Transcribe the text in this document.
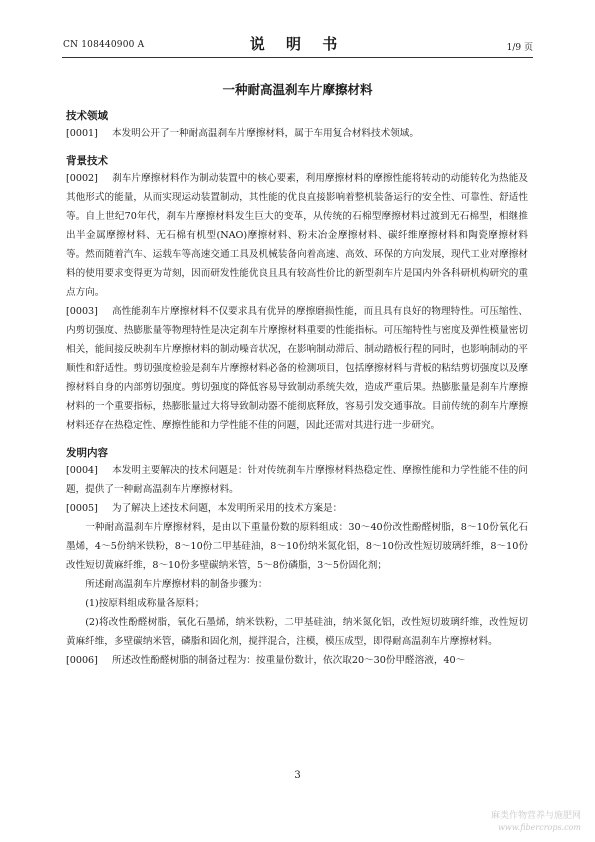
CN 108440900 A	说 明 书	1/9 页
一种耐高温刹车片摩擦材料
技术领域

[0001] 本发明公开了一种耐高温刹车片摩擦材料，属于车用复合材料技术领域。

背景技术

[0002] 刹车片摩擦材料作为制动装置中的核心要素，利用摩擦材料的摩擦性能将转动的动能转化为热能及其他形式的能量，从而实现运动装置制动，其性能的优良直接影响着整机装备运行的安全性、可靠性、舒适性等。自上世纪70年代，刹车片摩擦材料发生巨大的变革，从传统的石棉型摩擦材料过渡到无石棉型，相继推出半金属摩擦材料、无石棉有机型(NAO)摩擦材料、粉末冶金摩擦材料、碳纤维摩擦材料和陶瓷摩擦材料等。然而随着汽车、运载车等高速交通工具及机械装备向着高速、高效、环保的方向发展，现代工业对摩擦材料的使用要求变得更为苛刻，因而研发性能优良且具有较高性价比的新型刹车片是国内外各科研机构研究的重点方向。

[0003] 高性能刹车片摩擦材料不仅要求具有优异的摩擦磨损性能，而且具有良好的物理特性。可压缩性、内剪切强度、热膨胀量等物理特性是决定刹车片摩擦材料重要的性能指标。可压缩特性与密度及弹性模量密切相关，能间接反映刹车片摩擦材料的制动噪音状况，在影响制动滞后、制动踏板行程的同时，也影响制动的平顺性和舒适性。剪切强度检验是刹车片摩擦材料必备的检测项目，包括摩擦材料与背板的粘结剪切强度以及摩擦材料自身的内部剪切强度。剪切强度的降低容易导致制动系统失效，造成严重后果。热膨胀量是刹车片摩擦材料的一个重要指标，热膨胀量过大将导致制动器不能彻底释放，容易引发交通事故。目前传统的刹车片摩擦材料还存在热稳定性、摩擦性能和力学性能不佳的问题，因此还需对其进行进一步研究。

发明内容

[0004] 本发明主要解决的技术问题是：针对传统刹车片摩擦材料热稳定性、摩擦性能和力学性能不佳的问题，提供了一种耐高温刹车片摩擦材料。

[0005] 为了解决上述技术问题，本发明所采用的技术方案是：

一种耐高温刹车片摩擦材料，是由以下重量份数的原料组成：30～40份改性酚醛树脂，8～10份氧化石墨烯，4～5份纳米铁粉，8～10份二甲基硅油，8～10份纳米氮化铝，8～10份改性短切玻璃纤维，8～10份改性短切黄麻纤维，8～10份多壁碳纳米管，5～8份磷脂，3～5份固化剂；

所述耐高温刹车片摩擦材料的制备步骤为：

(1)按原料组成称量各原料；

(2)将改性酚醛树脂，氧化石墨烯，纳米铁粉，二甲基硅油，纳米氮化铝，改性短切玻璃纤维，改性短切黄麻纤维，多壁碳纳米管，磷脂和固化剂，搅拌混合，注模，模压成型，即得耐高温刹车片摩擦材料。

[0006] 所述改性酚醛树脂的制备过程为：按重量份数计，依次取20～30份甲醛溶液，40～

3
麻类作物营养与施肥网
www.fibercrops.com
